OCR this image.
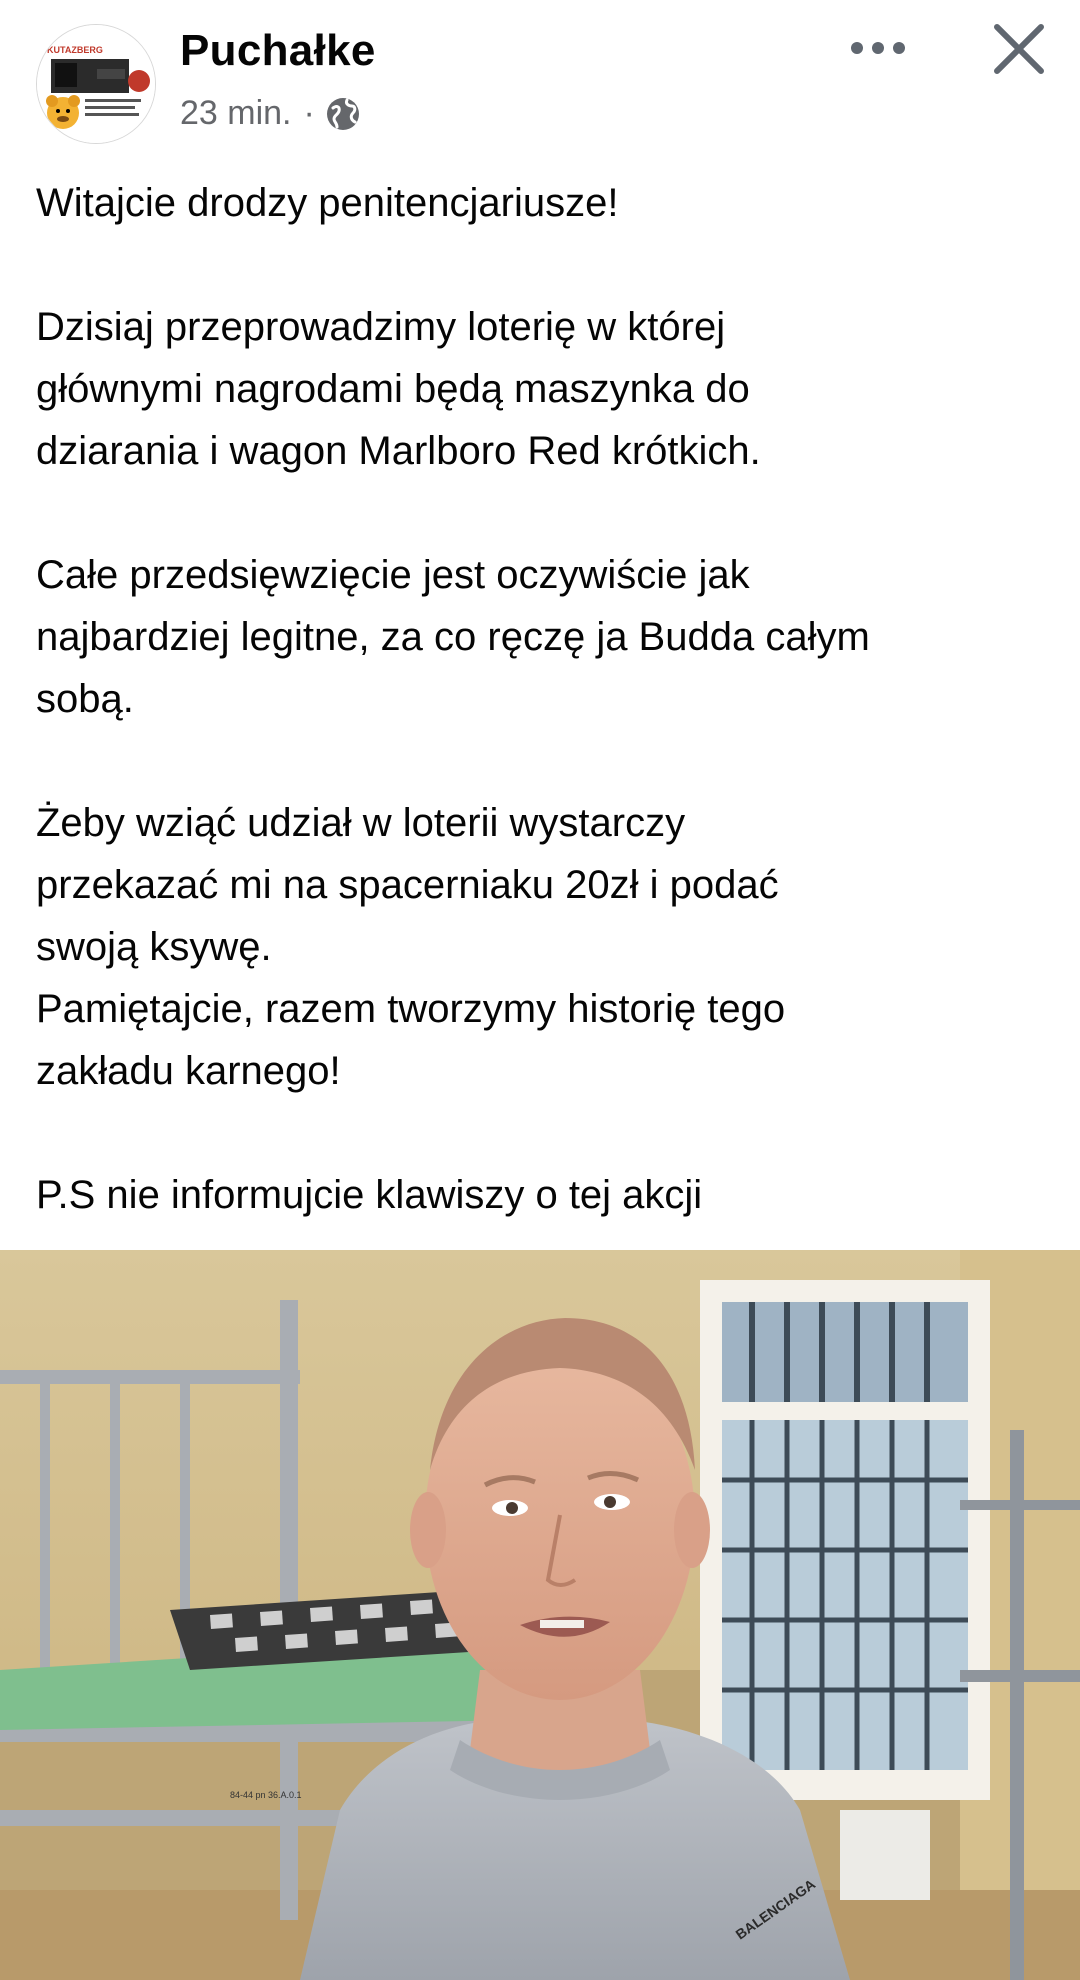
KUTAZBERG Puchałke
23 min. ·

Witajcie drodzy penitencjariusze!

Dzisiaj przeprowadzimy loterię w której
głównymi nagrodami będą maszynka do
dziarania i wagon Marlboro Red krótkich.

Całe przedsięwzięcie jest oczywiście jak
najbardziej legitne, za co ręczę ja Budda całym
sobą.

Żeby wziąć udział w loterii wystarczy
przekazać mi na spacerniaku 20zł i podać
swoją ksywę.
Pamiętajcie, razem tworzymy historię tego
zakładu karnego!

P.S nie informujcie klawiszy o tej akcji

84-44 pn 36.A.0.1
BALENCIAGA
